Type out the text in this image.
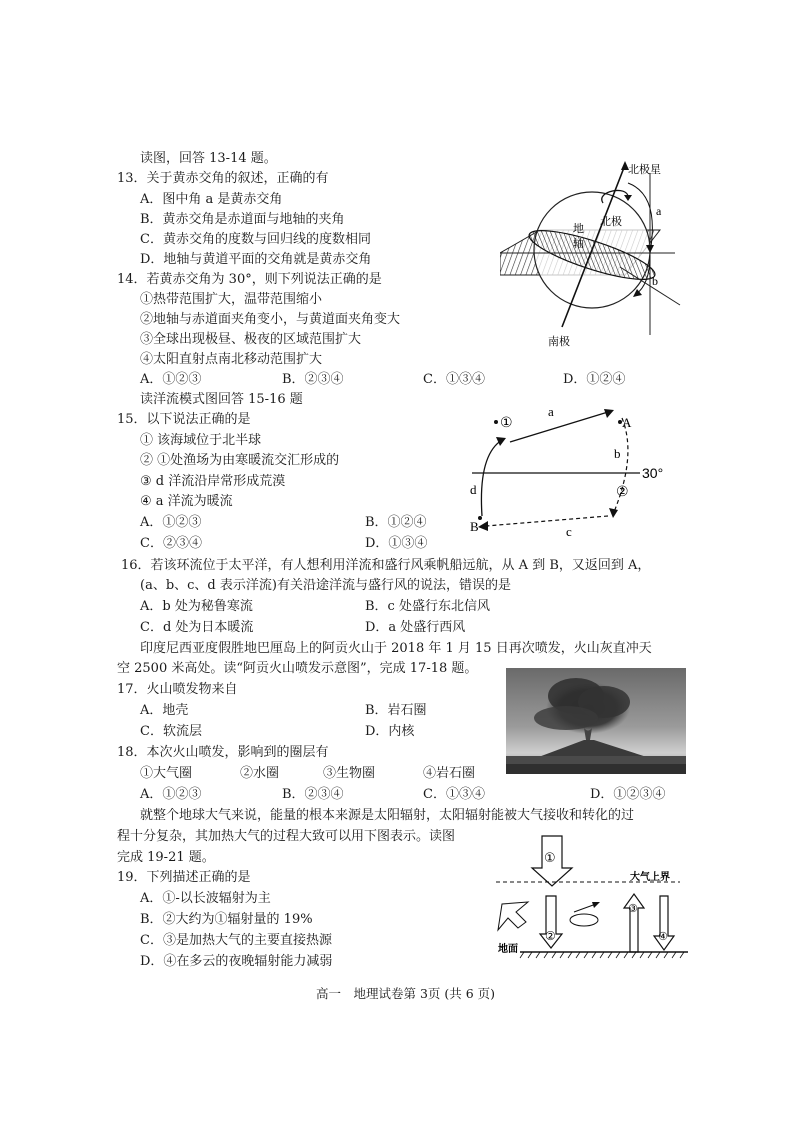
读图，回答 13-14 题。
13．关于黄赤交角的叙述，正确的有
A．图中角 a 是黄赤交角
B．黄赤交角是赤道面与地轴的夹角
C．黄赤交角的度数与回归线的度数相同
D．地轴与黄道平面的交角就是黄赤交角
14．若黄赤交角为 30°，则下列说法正确的是
①热带范围扩大，温带范围缩小
②地轴与赤道面夹角变小，与黄道面夹角变大
③全球出现极昼、极夜的区域范围扩大
④太阳直射点南北移动范围扩大
A．①②③	B．②③④	C．①③④	D．①②④
北极星
北极
地
轴
南极
a
b
读洋流模式图回答 15-16 题
15．以下说法正确的是
① 该海域位于北半球
② ①处渔场为由寒暖流交汇形成的
③ d 洋流沿岸常形成荒漠
④ a 洋流为暖流
A．①②③	B．①②④
C．②③④	D．①③④
①
②
A
B
a
b
c
d
30°
16．若该环流位于太平洋，有人想利用洋流和盛行风乘帆船远航，从 A 到 B，又返回到 A，
(a、b、c、d 表示洋流)有关沿途洋流与盛行风的说法，错误的是
A．b 处为秘鲁寒流	B．c 处盛行东北信风
C．d 处为日本暖流	D．a 处盛行西风
印度尼西亚度假胜地巴厘岛上的阿贡火山于 2018 年 1 月 15 日再次喷发，火山灰直冲天
空 2500 米高处。读“阿贡火山喷发示意图”，完成 17-18 题。
17．火山喷发物来自
A．地壳	B．岩石圈
C．软流层	D．内核
18．本次火山喷发，影响到的圈层有
①大气圈	②水圈	③生物圈	④岩石圈
A．①②③	B．②③④	C．①③④	D．①②③④
就整个地球大气来说，能量的根本来源是太阳辐射，太阳辐射能被大气接收和转化的过
程十分复杂，其加热大气的过程大致可以用下图表示。读图
完成 19-21 题。
19．下列描述正确的是
A．①-以长波辐射为主
B．②大约为①辐射量的 19%
C．③是加热大气的主要直接热源
D．④在多云的夜晚辐射能力减弱
①
②
③
④
大气上界
地面
高一　地理试卷第 3页 (共 6 页)
